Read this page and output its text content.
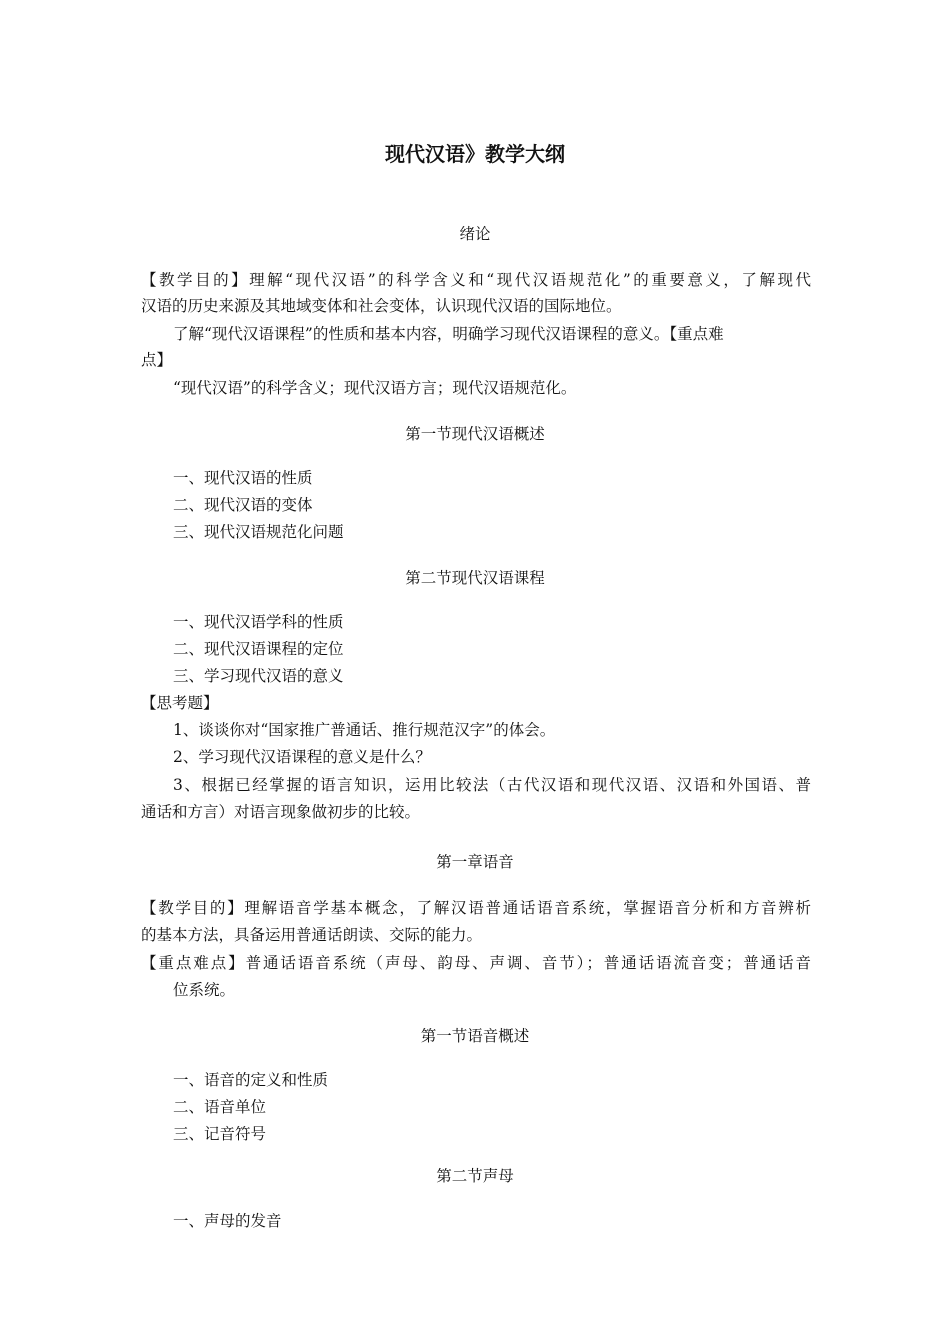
现代汉语》教学大纲
绪论
【教学目的】理解“现代汉语”的科学含义和“现代汉语规范化”的重要意义，了解现代
汉语的历史来源及其地域变体和社会变体，认识现代汉语的国际地位。
了解“现代汉语课程”的性质和基本内容，明确学习现代汉语课程的意义。【重点难
点】
“现代汉语”的科学含义；现代汉语方言；现代汉语规范化。
第一节现代汉语概述
一、现代汉语的性质
二、现代汉语的变体
三、现代汉语规范化问题
第二节现代汉语课程
一、现代汉语学科的性质
二、现代汉语课程的定位
三、学习现代汉语的意义
【思考题】
1、谈谈你对“国家推广普通话、推行规范汉字”的体会。
2、学习现代汉语课程的意义是什么？
3、根据已经掌握的语言知识，运用比较法（古代汉语和现代汉语、汉语和外国语、普
通话和方言）对语言现象做初步的比较。
第一章语音
【教学目的】理解语音学基本概念，了解汉语普通话语音系统，掌握语音分析和方音辨析
的基本方法，具备运用普通话朗读、交际的能力。
【重点难点】普通话语音系统（声母、韵母、声调、音节）；普通话语流音变；普通话音
位系统。
第一节语音概述
一、语音的定义和性质
二、语音单位
三、记音符号
第二节声母
一、声母的发音
